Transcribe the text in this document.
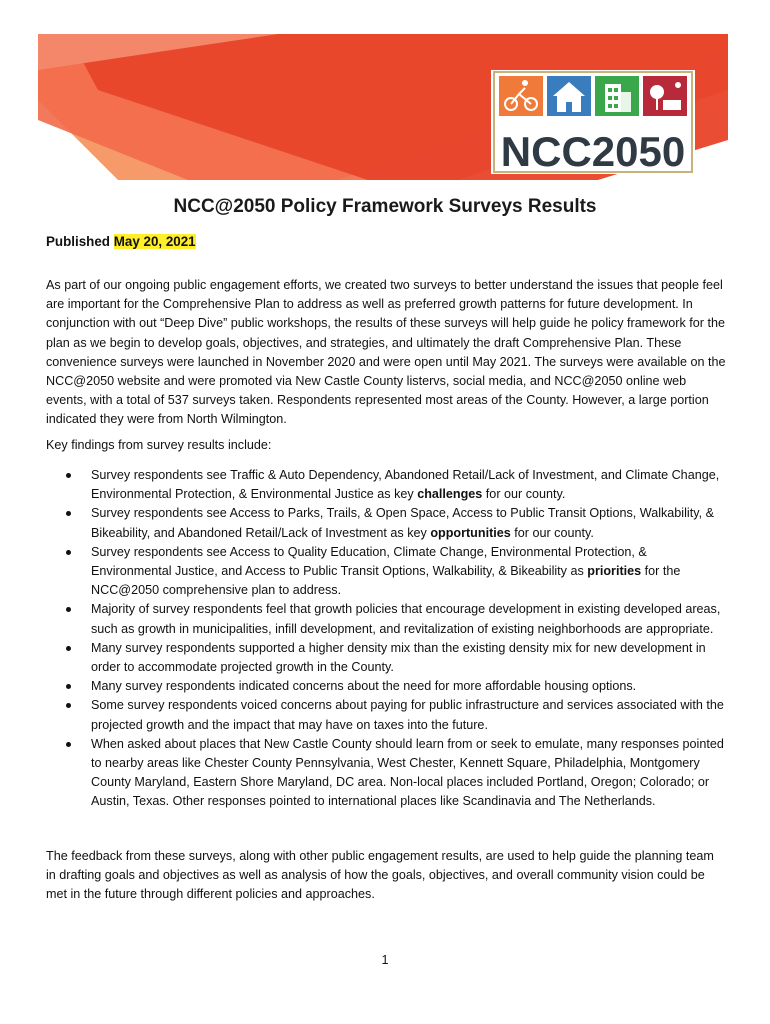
NCC2050
NCC@2050 Policy Framework Surveys Results
Published May 20, 2021
As part of our ongoing public engagement efforts, we created two surveys to better understand the issues that people feel are important for the Comprehensive Plan to address as well as preferred growth patterns for future development. In conjunction with out “Deep Dive” public workshops, the results of these surveys will help guide he policy framework for the plan as we begin to develop goals, objectives, and strategies, and ultimately the draft Comprehensive Plan. These convenience surveys were launched in November 2020 and were open until May 2021. The surveys were available on the NCC@2050 website and were promoted via New Castle County listervs, social media, and NCC@2050 online web events, with a total of 537 surveys taken. Respondents represented most areas of the County. However, a large portion indicated they were from North Wilmington.
Key findings from survey results include:
Survey respondents see Traffic & Auto Dependency, Abandoned Retail/Lack of Investment, and Climate Change, Environmental Protection, & Environmental Justice as key challenges for our county.
Survey respondents see Access to Parks, Trails, & Open Space, Access to Public Transit Options, Walkability, & Bikeability, and Abandoned Retail/Lack of Investment as key opportunities for our county.
Survey respondents see Access to Quality Education, Climate Change, Environmental Protection, & Environmental Justice, and Access to Public Transit Options, Walkability, & Bikeability as priorities for the NCC@2050 comprehensive plan to address.
Majority of survey respondents feel that growth policies that encourage development in existing developed areas, such as growth in municipalities, infill development, and revitalization of existing neighborhoods are appropriate.
Many survey respondents supported a higher density mix than the existing density mix for new development in order to accommodate projected growth in the County.
Many survey respondents indicated concerns about the need for more affordable housing options.
Some survey respondents voiced concerns about paying for public infrastructure and services associated with the projected growth and the impact that may have on taxes into the future.
When asked about places that New Castle County should learn from or seek to emulate, many responses pointed to nearby areas like Chester County Pennsylvania, West Chester, Kennett Square, Philadelphia, Montgomery County Maryland, Eastern Shore Maryland, DC area. Non-local places included Portland, Oregon; Colorado; or Austin, Texas. Other responses pointed to international places like Scandinavia and The Netherlands.
The feedback from these surveys, along with other public engagement results, are used to help guide the planning team in drafting goals and objectives as well as analysis of how the goals, objectives, and overall community vision could be met in the future through different policies and approaches.
1
